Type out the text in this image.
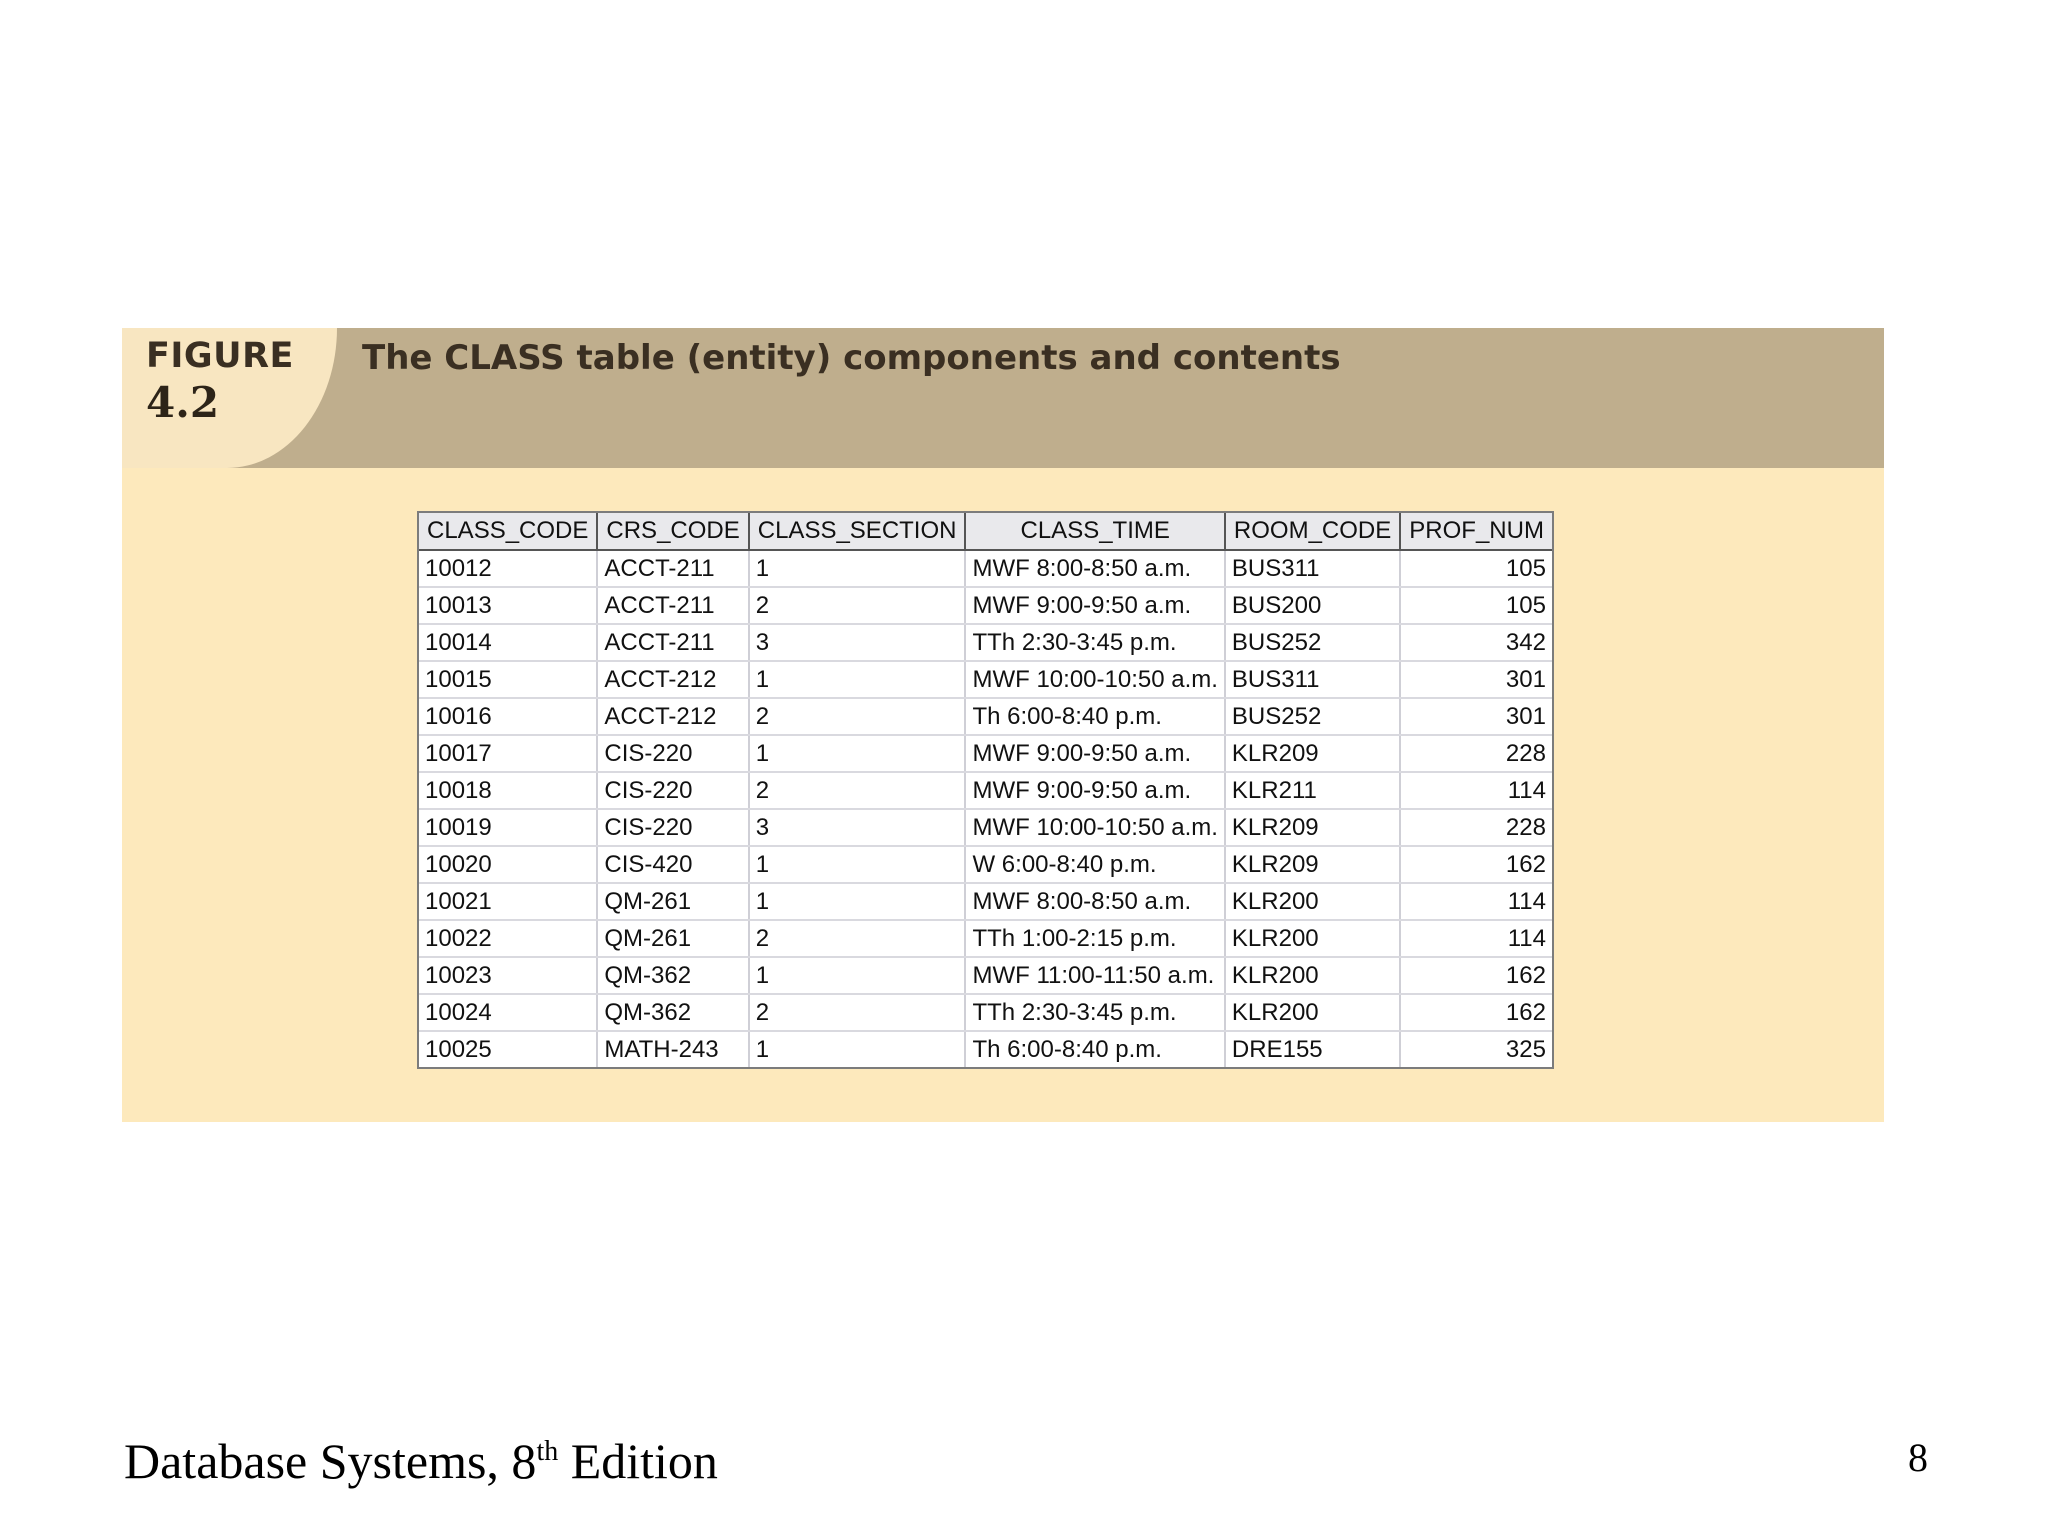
FIGURE
4.2
The CLASS table (entity) components and contents
CLASS_CODE	CRS_CODE	CLASS_SECTION	CLASS_TIME	ROOM_CODE	PROF_NUM
10012	ACCT-211	1	MWF 8:00-8:50 a.m.	BUS311	105
10013	ACCT-211	2	MWF 9:00-9:50 a.m.	BUS200	105
10014	ACCT-211	3	TTh 2:30-3:45 p.m.	BUS252	342
10015	ACCT-212	1	MWF 10:00-10:50 a.m.	BUS311	301
10016	ACCT-212	2	Th 6:00-8:40 p.m.	BUS252	301
10017	CIS-220	1	MWF 9:00-9:50 a.m.	KLR209	228
10018	CIS-220	2	MWF 9:00-9:50 a.m.	KLR211	114
10019	CIS-220	3	MWF 10:00-10:50 a.m.	KLR209	228
10020	CIS-420	1	W 6:00-8:40 p.m.	KLR209	162
10021	QM-261	1	MWF 8:00-8:50 a.m.	KLR200	114
10022	QM-261	2	TTh 1:00-2:15 p.m.	KLR200	114
10023	QM-362	1	MWF 11:00-11:50 a.m.	KLR200	162
10024	QM-362	2	TTh 2:30-3:45 p.m.	KLR200	162
10025	MATH-243	1	Th 6:00-8:40 p.m.	DRE155	325
Database Systems, 8th Edition	8
